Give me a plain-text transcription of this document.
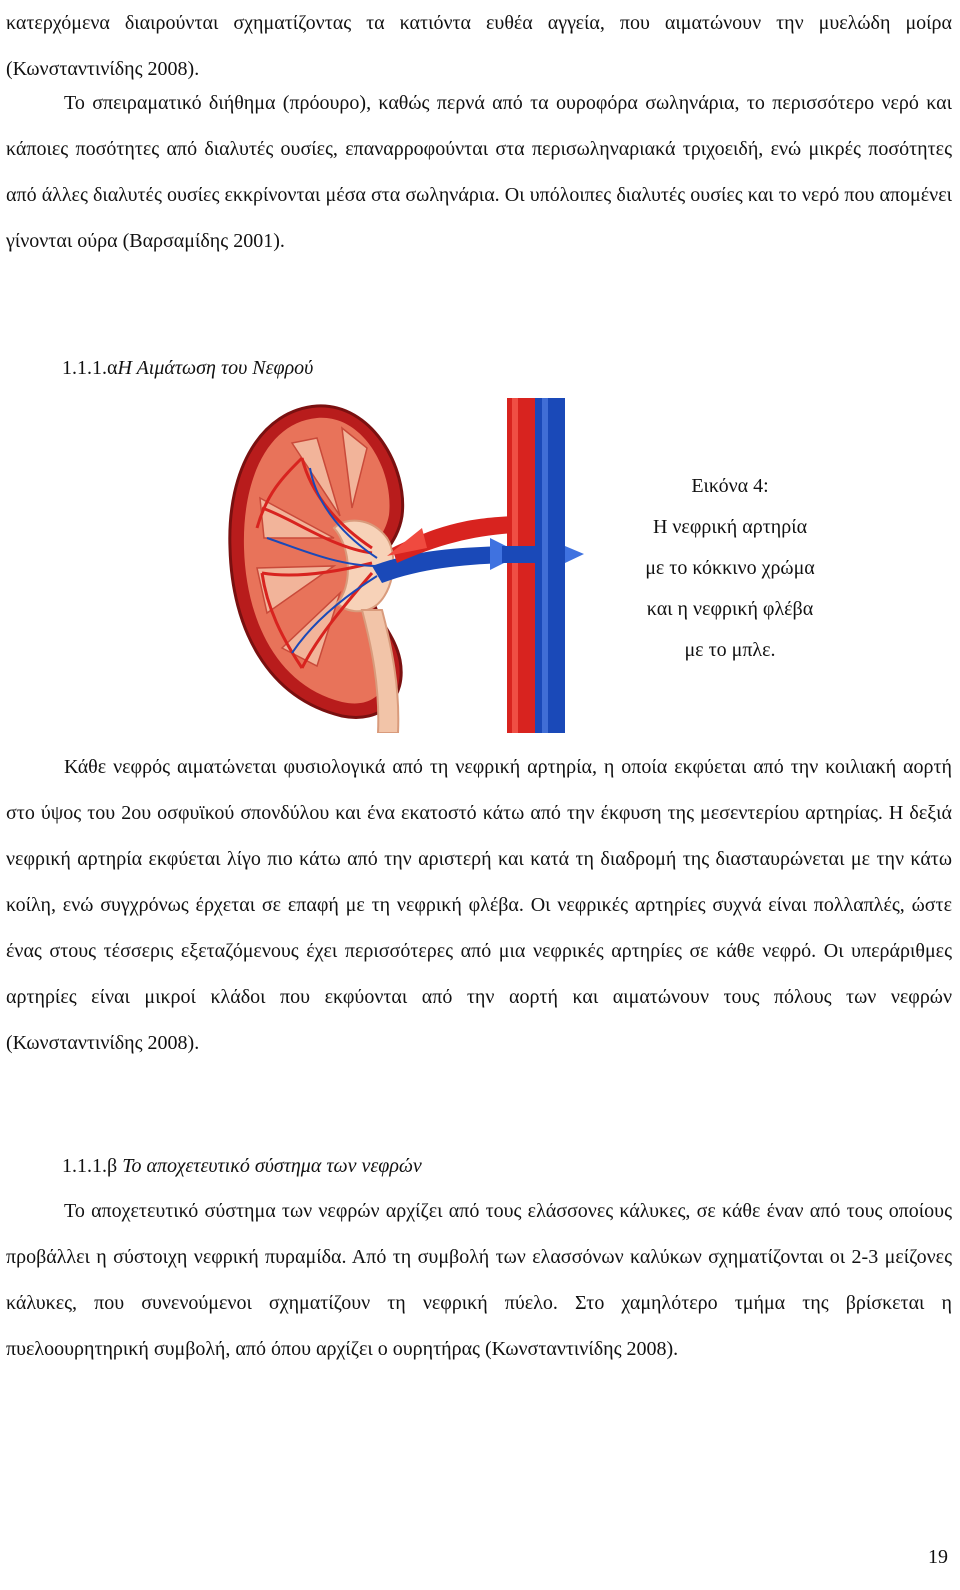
κατερχόμενα διαιρούνται σχηματίζοντας τα κατιόντα ευθέα αγγεία, που αιματώνουν την μυελώδη μοίρα (Κωνσταντινίδης 2008).

Το σπειραματικό διήθημα (πρόουρο), καθώς περνά από τα ουροφόρα σωληνάρια, το περισσότερο νερό και κάποιες ποσότητες από διαλυτές ουσίες, επαναρροφούνται στα περισωληναριακά τριχοειδή, ενώ μικρές ποσότητες από άλλες διαλυτές ουσίες εκκρίνονται μέσα στα σωληνάρια. Οι υπόλοιπες διαλυτές ουσίες και το νερό που απομένει γίνονται ούρα (Βαρσαμίδης 2001).

1.1.1.αΗ Αιμάτωση του Νεφρού

Εικόνα 4:
Η νεφρική αρτηρία
με το κόκκινο χρώμα
και η νεφρική φλέβα
με το μπλε.

Κάθε νεφρός αιματώνεται φυσιολογικά από τη νεφρική αρτηρία, η οποία εκφύεται από την κοιλιακή αορτή στο ύψος του 2ου οσφυϊκού σπονδύλου και ένα εκατοστό κάτω από την έκφυση της μεσεντερίου αρτηρίας. Η δεξιά νεφρική αρτηρία εκφύεται λίγο πιο κάτω από την αριστερή και κατά τη διαδρομή της διασταυρώνεται με την κάτω κοίλη, ενώ συγχρόνως έρχεται σε επαφή με τη νεφρική φλέβα. Οι νεφρικές αρτηρίες συχνά είναι πολλαπλές, ώστε ένας στους τέσσερις εξεταζόμενους έχει περισσότερες από μια νεφρικές αρτηρίες σε κάθε νεφρό. Οι υπεράριθμες αρτηρίες είναι μικροί κλάδοι που εκφύονται από την αορτή και αιματώνουν τους πόλους των νεφρών (Κωνσταντινίδης 2008).

1.1.1.β Το αποχετευτικό σύστημα των νεφρών

Το αποχετευτικό σύστημα των νεφρών αρχίζει από τους ελάσσονες κάλυκες, σε κάθε έναν από τους οποίους προβάλλει η σύστοιχη νεφρική πυραμίδα. Από τη συμβολή των ελασσόνων καλύκων σχηματίζονται οι 2-3 μείζονες κάλυκες, που συνενούμενοι σχηματίζουν τη νεφρική πύελο. Στο χαμηλότερο τμήμα της βρίσκεται η πυελοουρητηρική συμβολή, από όπου αρχίζει ο ουρητήρας (Κωνσταντινίδης 2008).

19
